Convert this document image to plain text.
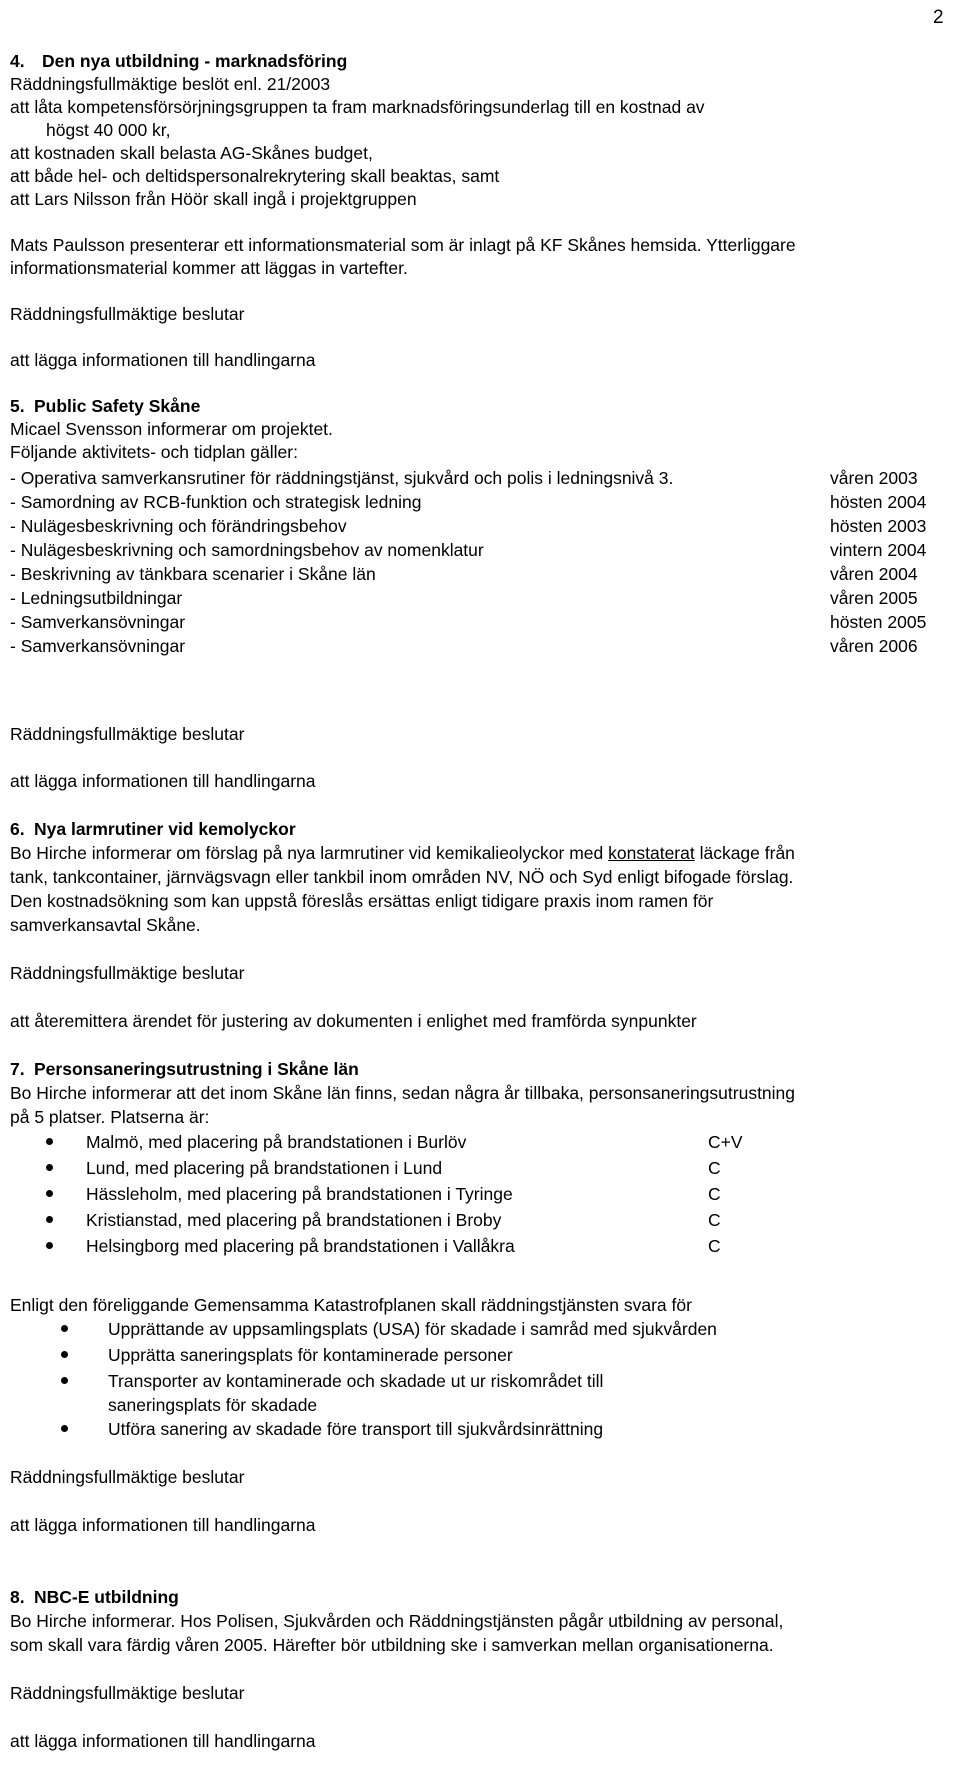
2
4. Den nya utbildning - marknadsföring
Räddningsfullmäktige beslöt enl. 21/2003
att låta kompetensförsörjningsgruppen ta fram marknadsföringsunderlag till en kostnad av
högst 40 000 kr,
att kostnaden skall belasta AG-Skånes budget,
att både hel- och deltidspersonalrekrytering skall beaktas, samt
att Lars Nilsson från Höör skall ingå i projektgruppen
Mats Paulsson presenterar ett informationsmaterial som är inlagt på KF Skånes hemsida. Ytterliggare
informationsmaterial kommer att läggas in vartefter.
Räddningsfullmäktige beslutar
att lägga informationen till handlingarna
5. Public Safety Skåne
Micael Svensson informerar om projektet.
Följande aktivitets- och tidplan gäller:
- Operativa samverkansrutiner för räddningstjänst, sjukvård och polis i ledningsnivå 3.	våren 2003
- Samordning av RCB-funktion och strategisk ledning	hösten 2004
- Nulägesbeskrivning och förändringsbehov	hösten 2003
- Nulägesbeskrivning och samordningsbehov av nomenklatur	vintern 2004
- Beskrivning av tänkbara scenarier i Skåne län	våren 2004
- Ledningsutbildningar	våren 2005
- Samverkansövningar	hösten 2005
- Samverkansövningar	våren 2006
Räddningsfullmäktige beslutar
att lägga informationen till handlingarna
6. Nya larmrutiner vid kemolyckor
Bo Hirche informerar om förslag på nya larmrutiner vid kemikalieolyckor med konstaterat läckage från
tank, tankcontainer, järnvägsvagn eller tankbil inom områden NV, NÖ och Syd enligt bifogade förslag.
Den kostnadsökning som kan uppstå föreslås ersättas enligt tidigare praxis inom ramen för
samverkansavtal Skåne.
Räddningsfullmäktige beslutar
att återemittera ärendet för justering av dokumenten i enlighet med framförda synpunkter
7. Personsaneringsutrustning i Skåne län
Bo Hirche informerar att det inom Skåne län finns, sedan några år tillbaka, personsaneringsutrustning
på 5 platser. Platserna är:
Malmö, med placering på brandstationen i Burlöv	C+V
Lund, med placering på brandstationen i Lund	C
Hässleholm, med placering på brandstationen i Tyringe	C
Kristianstad, med placering på brandstationen i Broby	C
Helsingborg med placering på brandstationen i Vallåkra	C
Enligt den föreliggande Gemensamma Katastrofplanen skall räddningstjänsten svara för
Upprättande av uppsamlingsplats (USA) för skadade i samråd med sjukvården
Upprätta saneringsplats för kontaminerade personer
Transporter av kontaminerade och skadade ut ur riskområdet till
saneringsplats för skadade
Utföra sanering av skadade före transport till sjukvårdsinrättning
Räddningsfullmäktige beslutar
att lägga informationen till handlingarna
8. NBC-E utbildning
Bo Hirche informerar. Hos Polisen, Sjukvården och Räddningstjänsten pågår utbildning av personal,
som skall vara färdig våren 2005. Härefter bör utbildning ske i samverkan mellan organisationerna.
Räddningsfullmäktige beslutar
att lägga informationen till handlingarna
